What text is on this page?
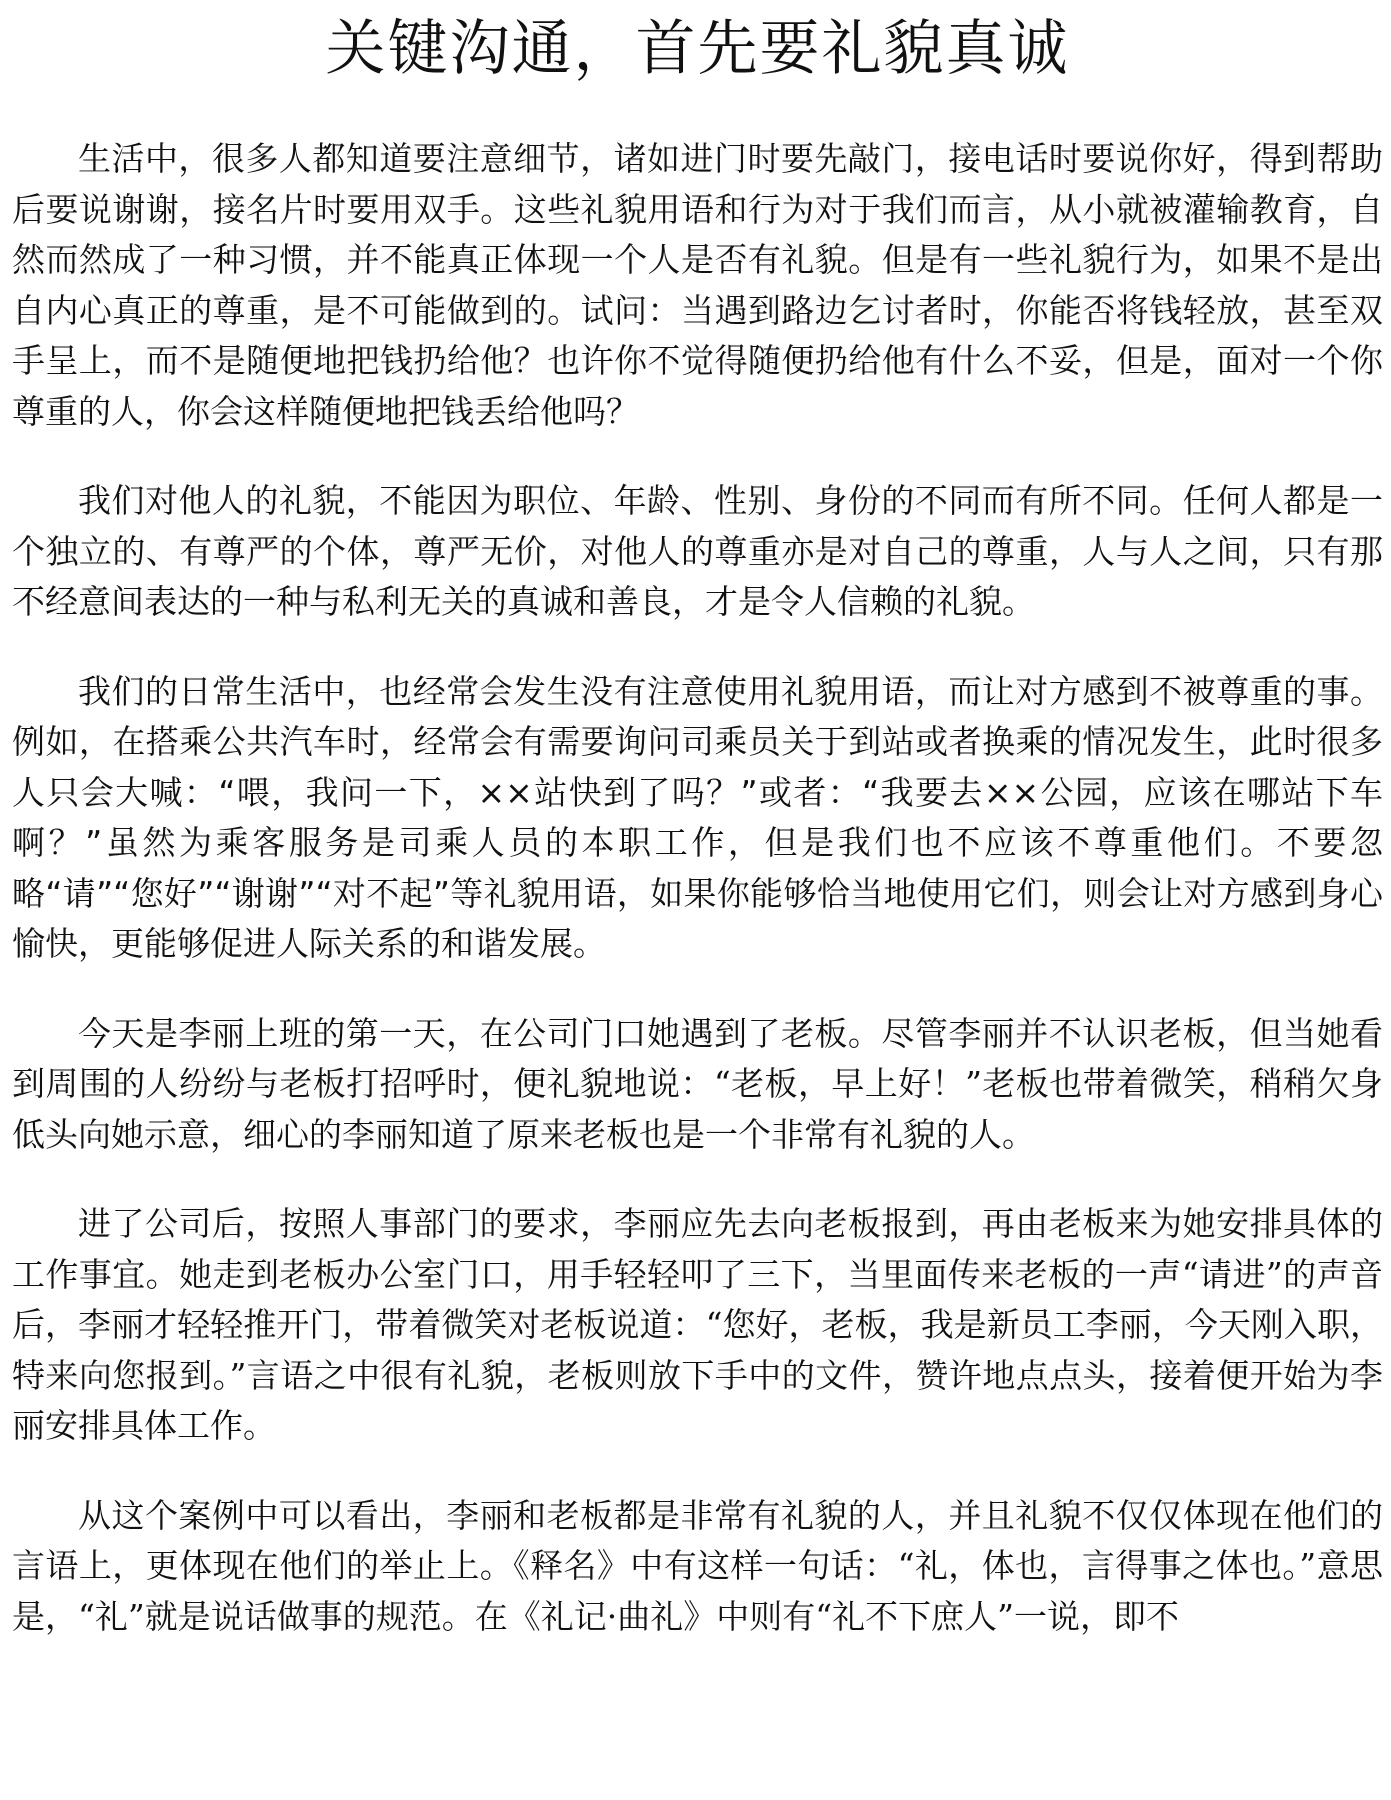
关键沟通，首先要礼貌真诚

生活中，很多人都知道要注意细节，诸如进门时要先敲门，接电话时要说你好，得到帮助后要说谢谢，接名片时要用双手。这些礼貌用语和行为对于我们而言，从小就被灌输教育，自然而然成了一种习惯，并不能真正体现一个人是否有礼貌。但是有一些礼貌行为，如果不是出自内心真正的尊重，是不可能做到的。试问：当遇到路边乞讨者时，你能否将钱轻放，甚至双手呈上，而不是随便地把钱扔给他？也许你不觉得随便扔给他有什么不妥，但是，面对一个你尊重的人，你会这样随便地把钱丢给他吗？

我们对他人的礼貌，不能因为职位、年龄、性别、身份的不同而有所不同。任何人都是一个独立的、有尊严的个体，尊严无价，对他人的尊重亦是对自己的尊重，人与人之间，只有那不经意间表达的一种与私利无关的真诚和善良，才是令人信赖的礼貌。

我们的日常生活中，也经常会发生没有注意使用礼貌用语，而让对方感到不被尊重的事。例如，在搭乘公共汽车时，经常会有需要询问司乘员关于到站或者换乘的情况发生，此时很多人只会大喊：“喂，我问一下，××站快到了吗？”或者：“我要去××公园，应该在哪站下车啊？”虽然为乘客服务是司乘人员的本职工作，但是我们也不应该不尊重他们。不要忽略“请”“您好”“谢谢”“对不起”等礼貌用语，如果你能够恰当地使用它们，则会让对方感到身心愉快，更能够促进人际关系的和谐发展。

今天是李丽上班的第一天，在公司门口她遇到了老板。尽管李丽并不认识老板，但当她看到周围的人纷纷与老板打招呼时，便礼貌地说：“老板，早上好！”老板也带着微笑，稍稍欠身低头向她示意，细心的李丽知道了原来老板也是一个非常有礼貌的人。

进了公司后，按照人事部门的要求，李丽应先去向老板报到，再由老板来为她安排具体的工作事宜。她走到老板办公室门口，用手轻轻叩了三下，当里面传来老板的一声“请进”的声音后，李丽才轻轻推开门，带着微笑对老板说道：“您好，老板，我是新员工李丽，今天刚入职，特来向您报到。”言语之中很有礼貌，老板则放下手中的文件，赞许地点点头，接着便开始为李丽安排具体工作。

从这个案例中可以看出，李丽和老板都是非常有礼貌的人，并且礼貌不仅仅体现在他们的言语上，更体现在他们的举止上。《释名》中有这样一句话：“礼，体也，言得事之体也。”意思是，“礼”就是说话做事的规范。在《礼记·曲礼》中则有“礼不下庶人”一说，即不
